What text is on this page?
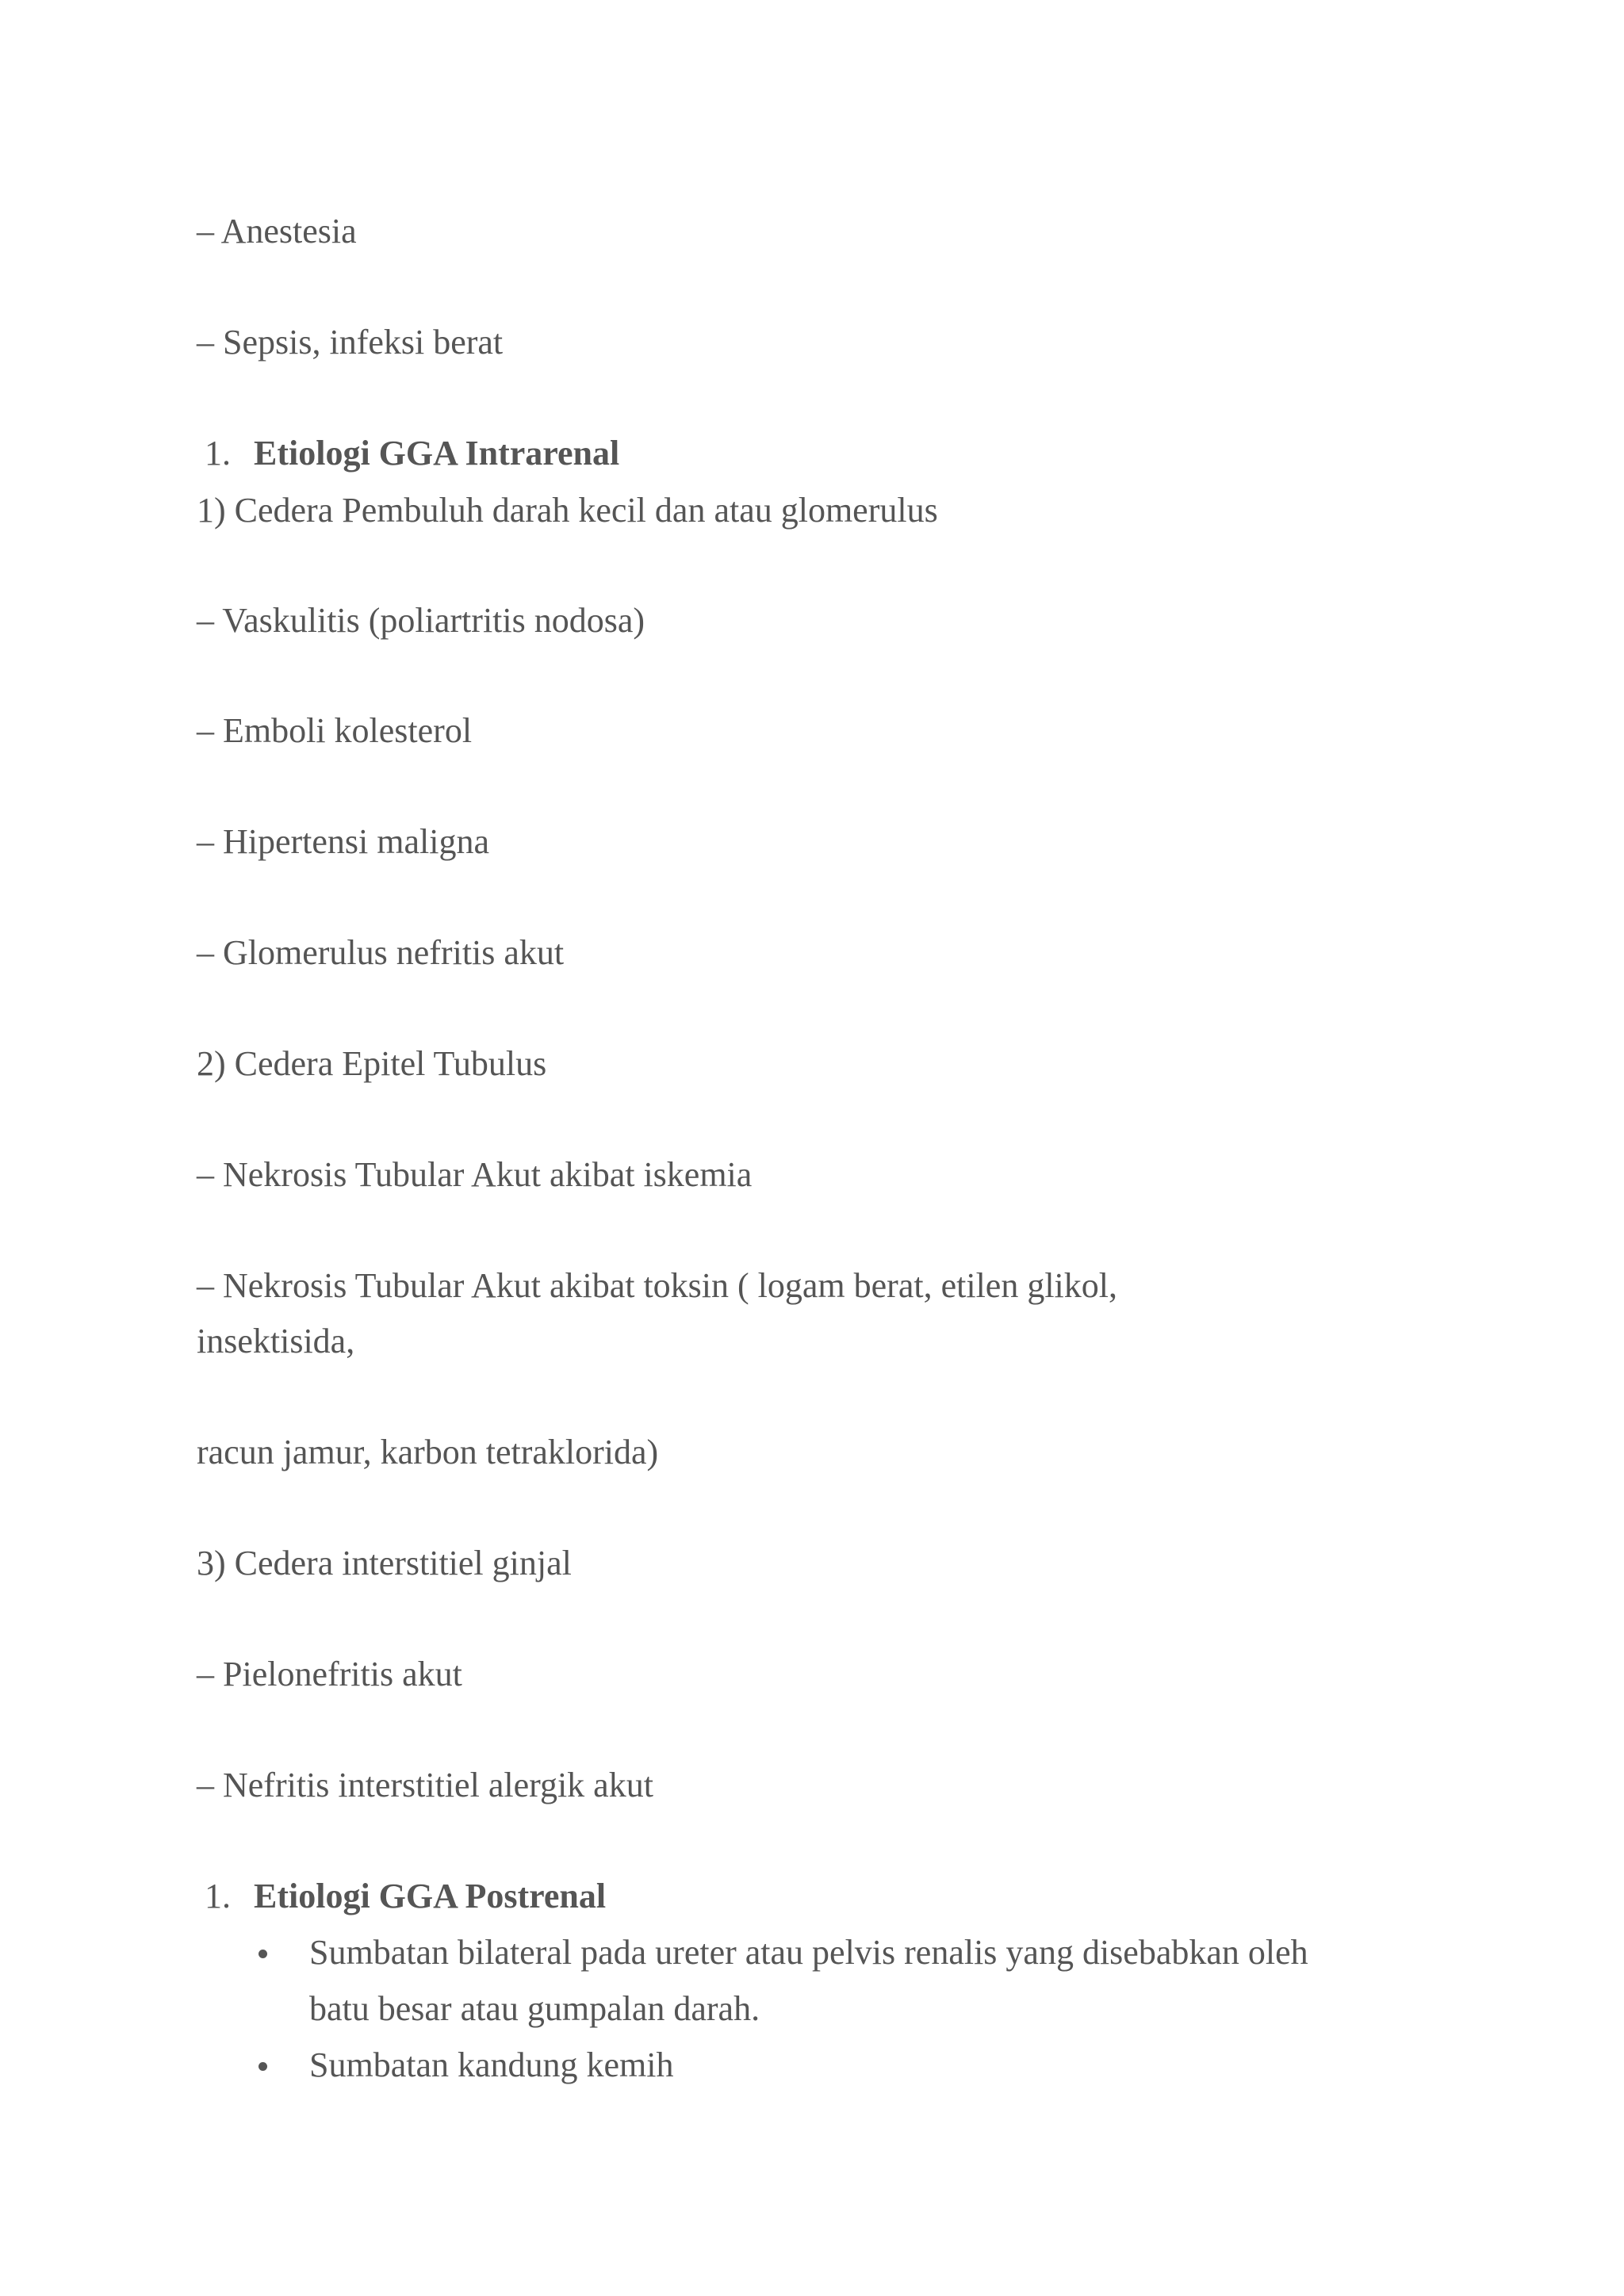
– Anestesia
– Sepsis, infeksi berat
1. Etiologi GGA Intrarenal
1) Cedera Pembuluh darah kecil dan atau glomerulus
– Vaskulitis (poliartritis nodosa)
– Emboli kolesterol
– Hipertensi maligna
– Glomerulus nefritis akut
2) Cedera Epitel Tubulus
– Nekrosis Tubular Akut akibat iskemia
– Nekrosis Tubular Akut akibat toksin ( logam berat, etilen glikol,
insektisida,
racun jamur, karbon tetraklorida)
3) Cedera interstitiel ginjal
– Pielonefritis akut
– Nefritis interstitiel alergik akut
1. Etiologi GGA Postrenal
Sumbatan bilateral pada ureter atau pelvis renalis yang disebabkan oleh
batu besar atau gumpalan darah.
Sumbatan kandung kemih
